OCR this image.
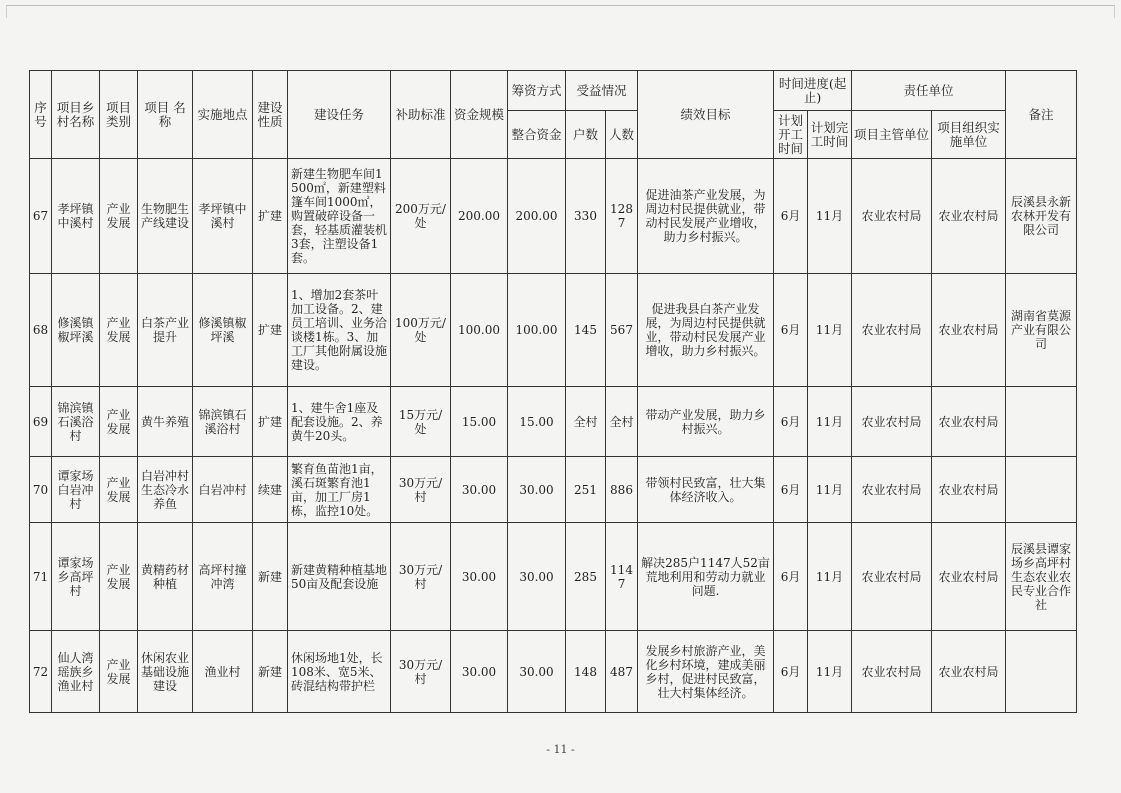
序号	项目乡村名称	项目类别	项目 名称	实施地点	建设性质	建设任务	补助标准	资金规模	筹资方式	受益情况		绩效目标	时间进度(起止)		责任单位		备注
									整合资金	户数	人数		计划开工时间	计划完工时间	项目主管单位	项目组织实施单位	
67	孝坪镇中溪村	产业发展	生物肥生产线建设	孝坪镇中溪村	扩建	新建生物肥车间1500㎡，新建塑料篷车间1000㎡，购置破碎设备一套，轻基质灌装机3套，注塑设备1套。	200万元/处	200.00	200.00	330	1287	促进油茶产业发展，为周边村民提供就业，带动村民发展产业增收，助力乡村振兴。	6月	11月	农业农村局	农业农村局	辰溪县永新农林开发有限公司
68	修溪镇椒坪溪	产业发展	白茶产业提升	修溪镇椒坪溪	扩建	1、增加2套茶叶加工设备。2、建员工培训、业务洽谈楼1栋。3、加工厂其他附属设施建设。	100万元/处	100.00	100.00	145	567	促进我县白茶产业发展，为周边村民提供就业，带动村民发展产业增收，助力乡村振兴。	6月	11月	农业农村局	农业农村局	湖南省莫源产业有限公司
69	锦滨镇石溪浴村	产业发展	黄牛养殖	锦滨镇石溪浴村	扩建	1、建牛舍1座及配套设施。2、养黄牛20头。	15万元/处	15.00	15.00	全村	全村	带动产业发展，助力乡村振兴。	6月	11月	农业农村局	农业农村局	
70	谭家场白岩冲村	产业发展	白岩冲村生态冷水养鱼	白岩冲村	续建	繁育鱼苗池1亩，溪石斑繁育池1亩，加工厂房1栋，监控10处。	30万元/村	30.00	30.00	251	886	带领村民致富，壮大集体经济收入。	6月	11月	农业农村局	农业农村局	
71	谭家场乡高坪村	产业发展	黄精药材种植	高坪村撞冲湾	新建	新建黄精种植基地50亩及配套设施	30万元/村	30.00	30.00	285	1147	解决285户1147人52亩荒地利用和劳动力就业问题.	6月	11月	农业农村局	农业农村局	辰溪县谭家场乡高坪村生态农业农民专业合作社
72	仙人湾瑶族乡渔业村	产业发展	休闲农业基础设施建设	渔业村	新建	休闲场地1处，长108米、宽5米、砖混结构带护栏	30万元/村	30.00	30.00	148	487	发展乡村旅游产业，美化乡村环境，建成美丽乡村，促进村民致富，壮大村集体经济。	6月	11月	农业农村局	农业农村局	
- 11 -
